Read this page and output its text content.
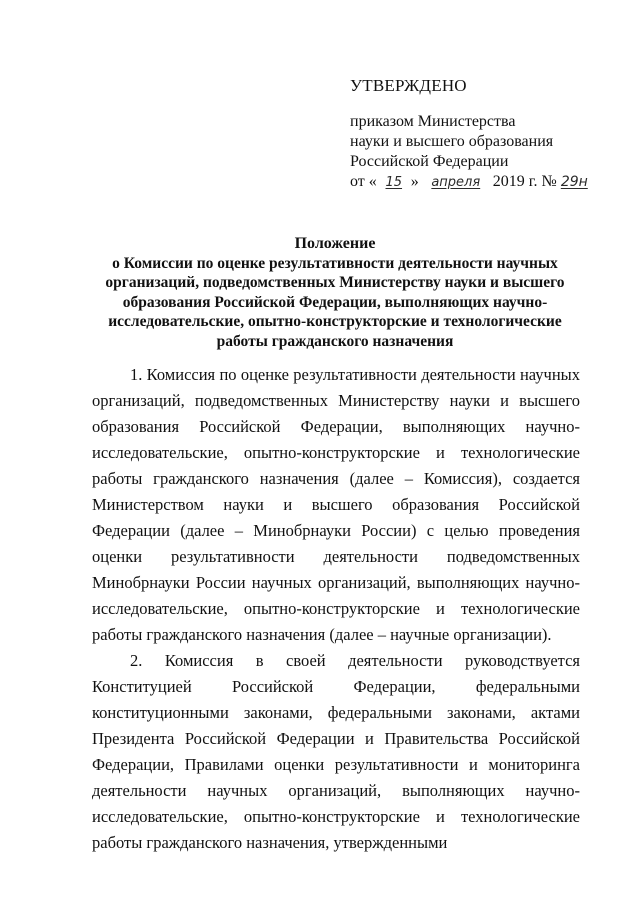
УТВЕРЖДЕНО
приказом Министерства
науки и высшего образования
Российской Федерации
от « 15 » апреля 2019 г. № 29н
Положение
о Комиссии по оценке результативности деятельности научных
организаций, подведомственных Министерству науки и высшего
образования Российской Федерации, выполняющих научно-
исследовательские, опытно-конструкторские и технологические
работы гражданского назначения

1. Комиссия по оценке результативности деятельности научных организаций, подведомственных Министерству науки и высшего образования Российской Федерации, выполняющих научно-исследовательские, опытно-конструкторские и технологические работы гражданского назначения (далее – Комиссия), создается Министерством науки и высшего образования Российской Федерации (далее – Минобрнауки России) с целью проведения оценки результативности деятельности подведомственных Минобрнауки России научных организаций, выполняющих научно-исследовательские, опытно-конструкторские и технологические работы гражданского назначения (далее – научные организации).

2. Комиссия в своей деятельности руководствуется Конституцией Российской Федерации, федеральными конституционными законами, федеральными законами, актами Президента Российской Федерации и Правительства Российской Федерации, Правилами оценки результативности и мониторинга деятельности научных организаций, выполняющих научно-исследовательские, опытно-конструкторские и технологические работы гражданского назначения, утвержденными
